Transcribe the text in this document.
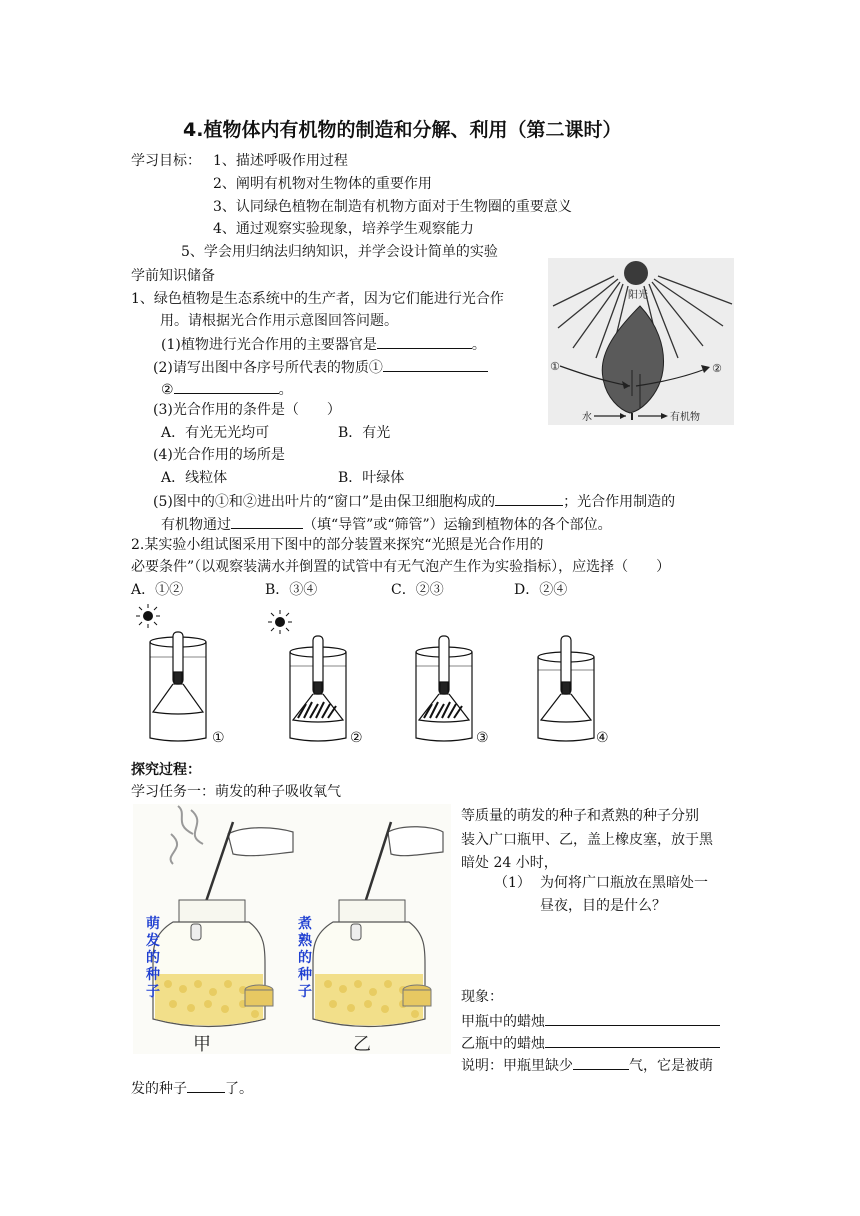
4.植物体内有机物的制造和分解、利用（第二课时）
学习目标： 1、描述呼吸作用过程
2、阐明有机物对生物体的重要作用
3、认同绿色植物在制造有机物方面对于生物圈的重要意义
4、通过观察实验现象，培养学生观察能力
5、学会用归纳法归纳知识，并学会设计简单的实验
学前知识储备
1、绿色植物是生态系统中的生产者，因为它们能进行光合作
用。请根据光合作用示意图回答问题。
(1)植物进行光合作用的主要器官是	。
(2)请写出图中各序号所代表的物质①
②	。
(3)光合作用的条件是（　　）
A．有光无光均可	B．有光
(4)光合作用的场所是
A．线粒体	B．叶绿体
(5)图中的①和②进出叶片的“窗口”是由保卫细胞构成的	；光合作用制造的
有机物通过	（填“导管”或“筛管”）运输到植物体的各个部位。
2.某实验小组试图采用下图中的部分装置来探究“光照是光合作用的
必要条件”（以观察装满水并倒置的试管中有无气泡产生作为实验指标），应选择（　　）
A．①②	B．③④	C．②③	D．②④
阳光
①	②
水	有机物
①	②	③	④
探究过程：
学习任务一：萌发的种子吸收氧气
甲	乙
萌发的种子
煮熟的种子
等质量的萌发的种子和煮熟的种子分别
装入广口瓶甲、乙，盖上橡皮塞，放于黑
暗处 24 小时，
（1） 为何将广口瓶放在黑暗处一
昼夜，目的是什么？
现象：
甲瓶中的蜡烛
乙瓶中的蜡烛
说明：甲瓶里缺少	气，它是被萌
发的种子	了。
